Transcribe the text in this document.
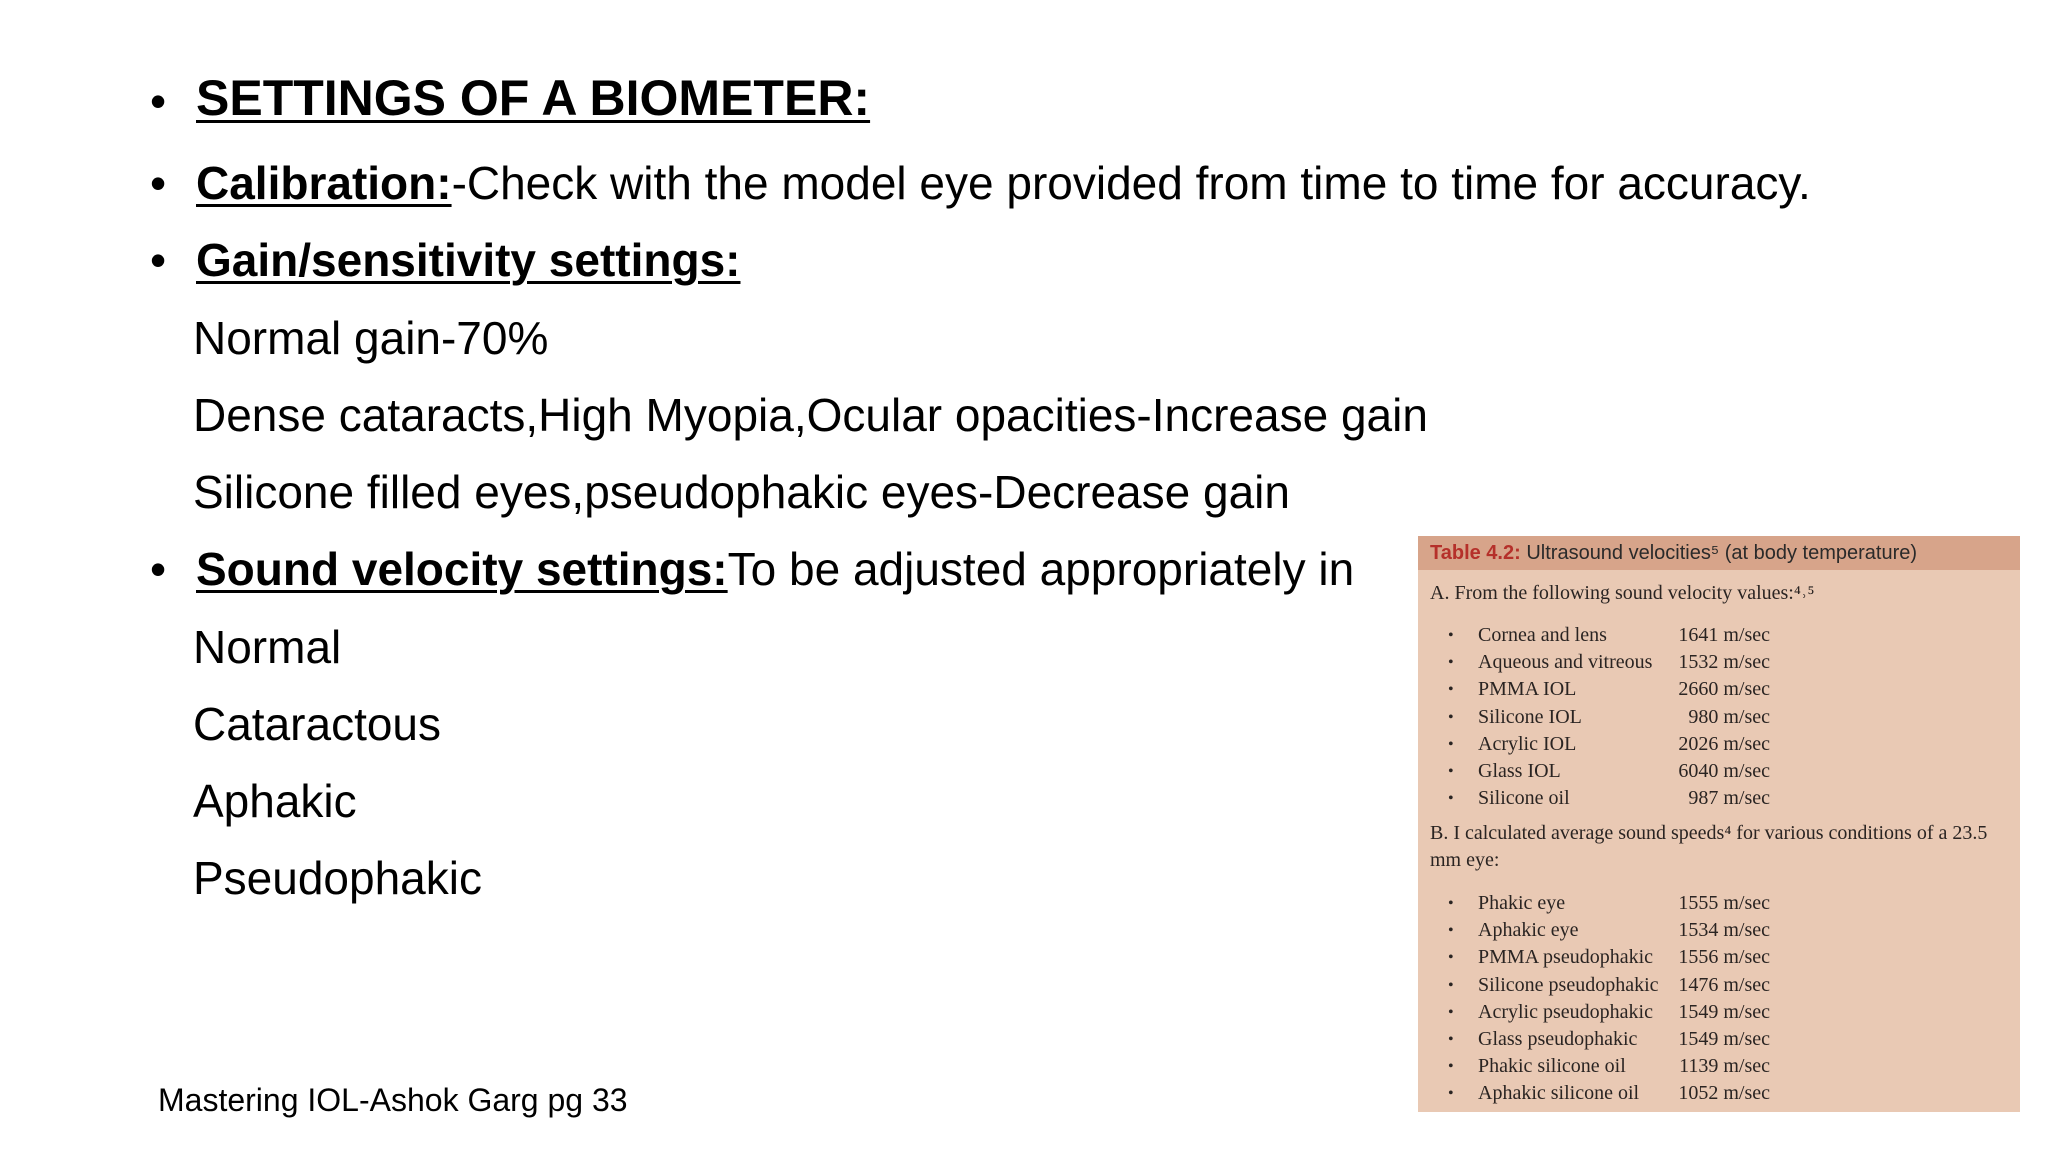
• SETTINGS OF A BIOMETER:
• Calibration:-Check with the model eye provided from time to time for accuracy.
• Gain/sensitivity settings:
Normal gain-70%
Dense cataracts,High Myopia,Ocular opacities-Increase gain
Silicone filled eyes,pseudophakic eyes-Decrease gain
• Sound velocity settings:To be adjusted appropriately in
Normal
Cataractous
Aphakic
Pseudophakic
Mastering IOL-Ashok Garg pg 33
Table 4.2: Ultrasound velocities⁵ (at body temperature)
A. From the following sound velocity values:⁴˒⁵
• Cornea and lens	1641 m/sec
• Aqueous and vitreous	1532 m/sec
• PMMA IOL	2660 m/sec
• Silicone IOL	980 m/sec
• Acrylic IOL	2026 m/sec
• Glass IOL	6040 m/sec
• Silicone oil	987 m/sec
B. I calculated average sound speeds⁴ for various conditions of a 23.5 mm eye:
• Phakic eye	1555 m/sec
• Aphakic eye	1534 m/sec
• PMMA pseudophakic	1556 m/sec
• Silicone pseudophakic 1476 m/sec
• Acrylic pseudophakic	1549 m/sec
• Glass pseudophakic	1549 m/sec
• Phakic silicone oil	1139 m/sec
• Aphakic silicone oil	1052 m/sec
